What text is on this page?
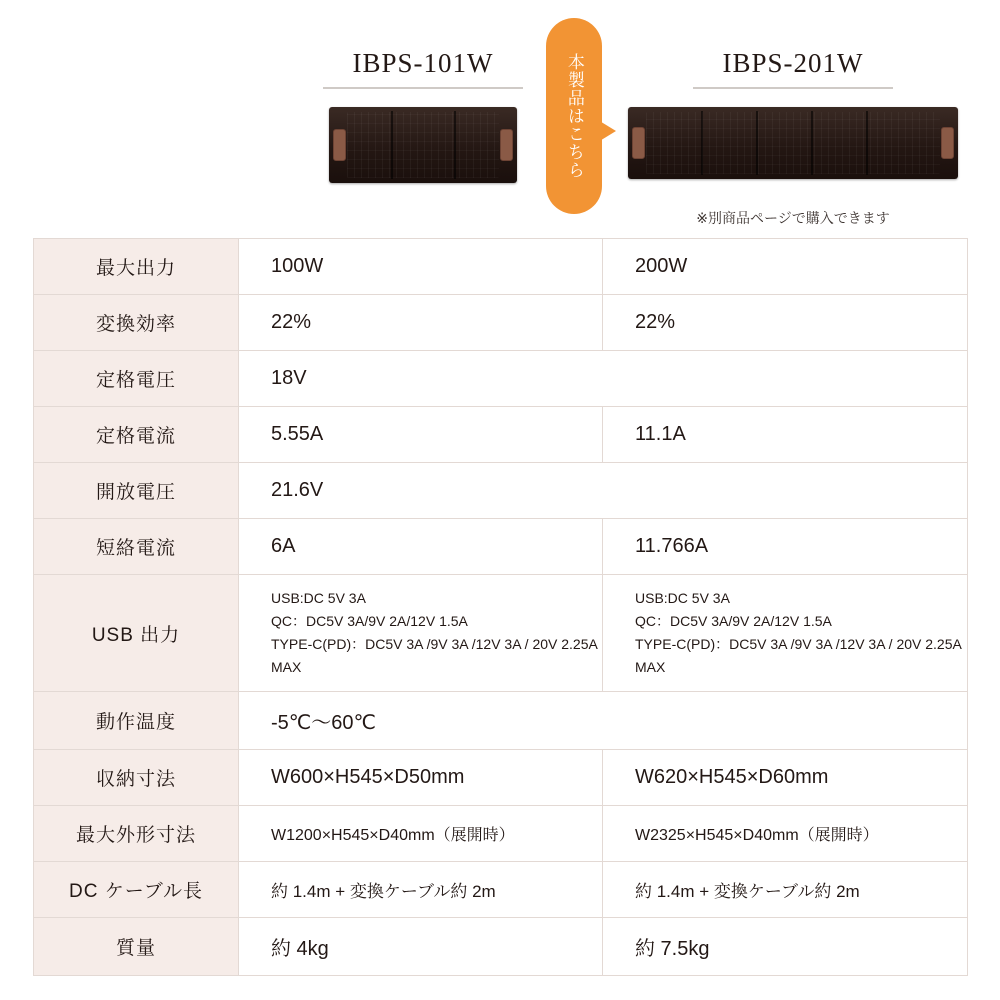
IBPS-101W	IBPS-201W
本製品はこちら
※別商品ページで購入できます
最大出力	100W	200W
変換効率	22%	22%
定格電圧	18V	
定格電流	5.55A	11.1A
開放電圧	21.6V	
短絡電流	6A	11.766A
USB 出力	USB:DC 5V 3A
QC：DC5V 3A/9V 2A/12V 1.5A
TYPE-C(PD)：DC5V 3A /9V 3A /12V 3A / 20V 2.25A MAX	USB:DC 5V 3A
QC：DC5V 3A/9V 2A/12V 1.5A
TYPE-C(PD)：DC5V 3A /9V 3A /12V 3A / 20V 2.25A MAX
動作温度	-5℃〜60℃	
収納寸法	W600×H545×D50mm	W620×H545×D60mm
最大外形寸法	W1200×H545×D40mm（展開時）	W2325×H545×D40mm（展開時）
DC ケーブル長	約 1.4m + 変換ケーブル約 2m	約 1.4m + 変換ケーブル約 2m
質量	約 4kg	約 7.5kg
